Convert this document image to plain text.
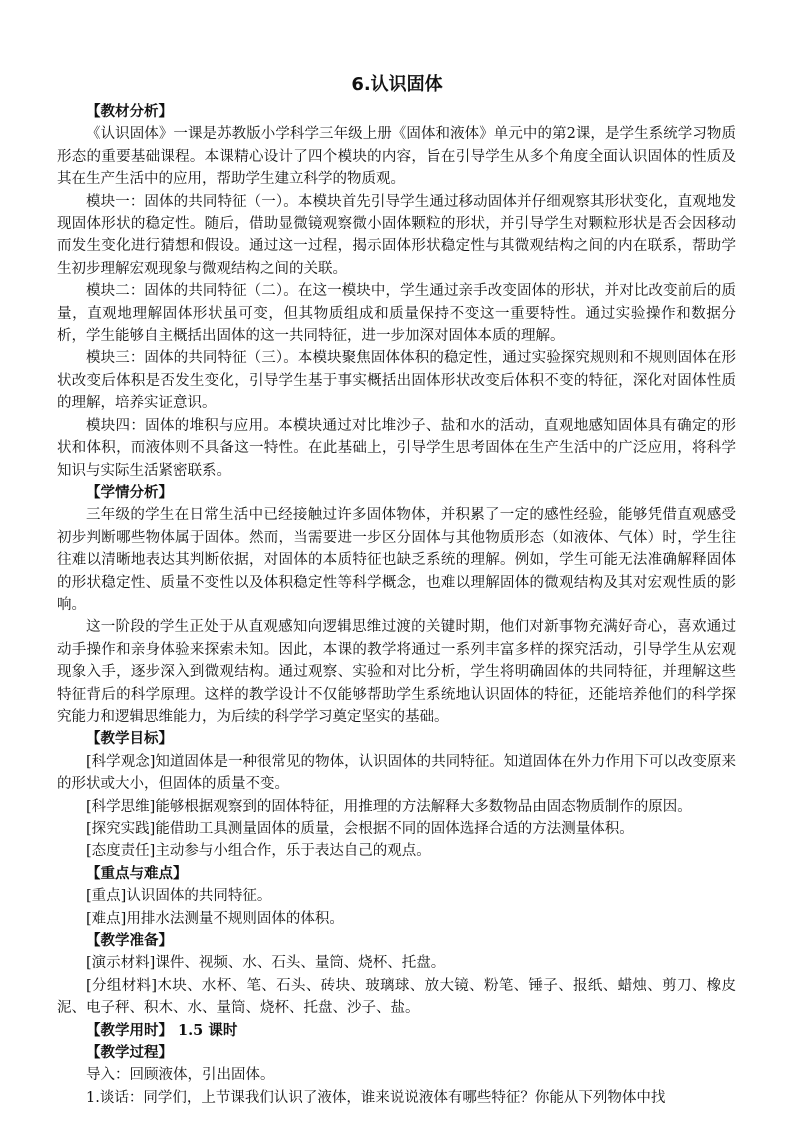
6.认识固体

【教材分析】

《认识固体》一课是苏教版小学科学三年级上册《固体和液体》单元中的第2课，是学生系统学习物质形态的重要基础课程。本课精心设计了四个模块的内容，旨在引导学生从多个角度全面认识固体的性质及其在生产生活中的应用，帮助学生建立科学的物质观。

模块一：固体的共同特征（一）。本模块首先引导学生通过移动固体并仔细观察其形状变化，直观地发现固体形状的稳定性。随后，借助显微镜观察微小固体颗粒的形状，并引导学生对颗粒形状是否会因移动而发生变化进行猜想和假设。通过这一过程，揭示固体形状稳定性与其微观结构之间的内在联系，帮助学生初步理解宏观现象与微观结构之间的关联。

模块二：固体的共同特征（二）。在这一模块中，学生通过亲手改变固体的形状，并对比改变前后的质量，直观地理解固体形状虽可变，但其物质组成和质量保持不变这一重要特性。通过实验操作和数据分析，学生能够自主概括出固体的这一共同特征，进一步加深对固体本质的理解。

模块三：固体的共同特征（三）。本模块聚焦固体体积的稳定性，通过实验探究规则和不规则固体在形状改变后体积是否发生变化，引导学生基于事实概括出固体形状改变后体积不变的特征，深化对固体性质的理解，培养实证意识。

模块四：固体的堆积与应用。本模块通过对比堆沙子、盐和水的活动，直观地感知固体具有确定的形状和体积，而液体则不具备这一特性。在此基础上，引导学生思考固体在生产生活中的广泛应用，将科学知识与实际生活紧密联系。

【学情分析】

三年级的学生在日常生活中已经接触过许多固体物体，并积累了一定的感性经验，能够凭借直观感受初步判断哪些物体属于固体。然而，当需要进一步区分固体与其他物质形态（如液体、气体）时，学生往往难以清晰地表达其判断依据，对固体的本质特征也缺乏系统的理解。例如，学生可能无法准确解释固体的形状稳定性、质量不变性以及体积稳定性等科学概念，也难以理解固体的微观结构及其对宏观性质的影响。

这一阶段的学生正处于从直观感知向逻辑思维过渡的关键时期，他们对新事物充满好奇心，喜欢通过动手操作和亲身体验来探索未知。因此，本课的教学将通过一系列丰富多样的探究活动，引导学生从宏观现象入手，逐步深入到微观结构。通过观察、实验和对比分析，学生将明确固体的共同特征，并理解这些特征背后的科学原理。这样的教学设计不仅能够帮助学生系统地认识固体的特征，还能培养他们的科学探究能力和逻辑思维能力，为后续的科学学习奠定坚实的基础。

【教学目标】

[科学观念]知道固体是一种很常见的物体，认识固体的共同特征。知道固体在外力作用下可以改变原来的形状或大小，但固体的质量不变。

[科学思维]能够根据观察到的固体特征，用推理的方法解释大多数物品由固态物质制作的原因。

[探究实践]能借助工具测量固体的质量，会根据不同的固体选择合适的方法测量体积。

[态度责任]主动参与小组合作，乐于表达自己的观点。

【重点与难点】

[重点]认识固体的共同特征。

[难点]用排水法测量不规则固体的体积。

【教学准备】

[演示材料]课件、视频、水、石头、量筒、烧杯、托盘。

[分组材料]木块、水杯、笔、石头、砖块、玻璃球、放大镜、粉笔、锤子、报纸、蜡烛、剪刀、橡皮泥、电子秤、积木、水、量筒、烧杯、托盘、沙子、盐。

【教学用时】 1.5 课时

【教学过程】

导入：回顾液体，引出固体。

1.谈话：同学们，上节课我们认识了液体，谁来说说液体有哪些特征？你能从下列物体中找
